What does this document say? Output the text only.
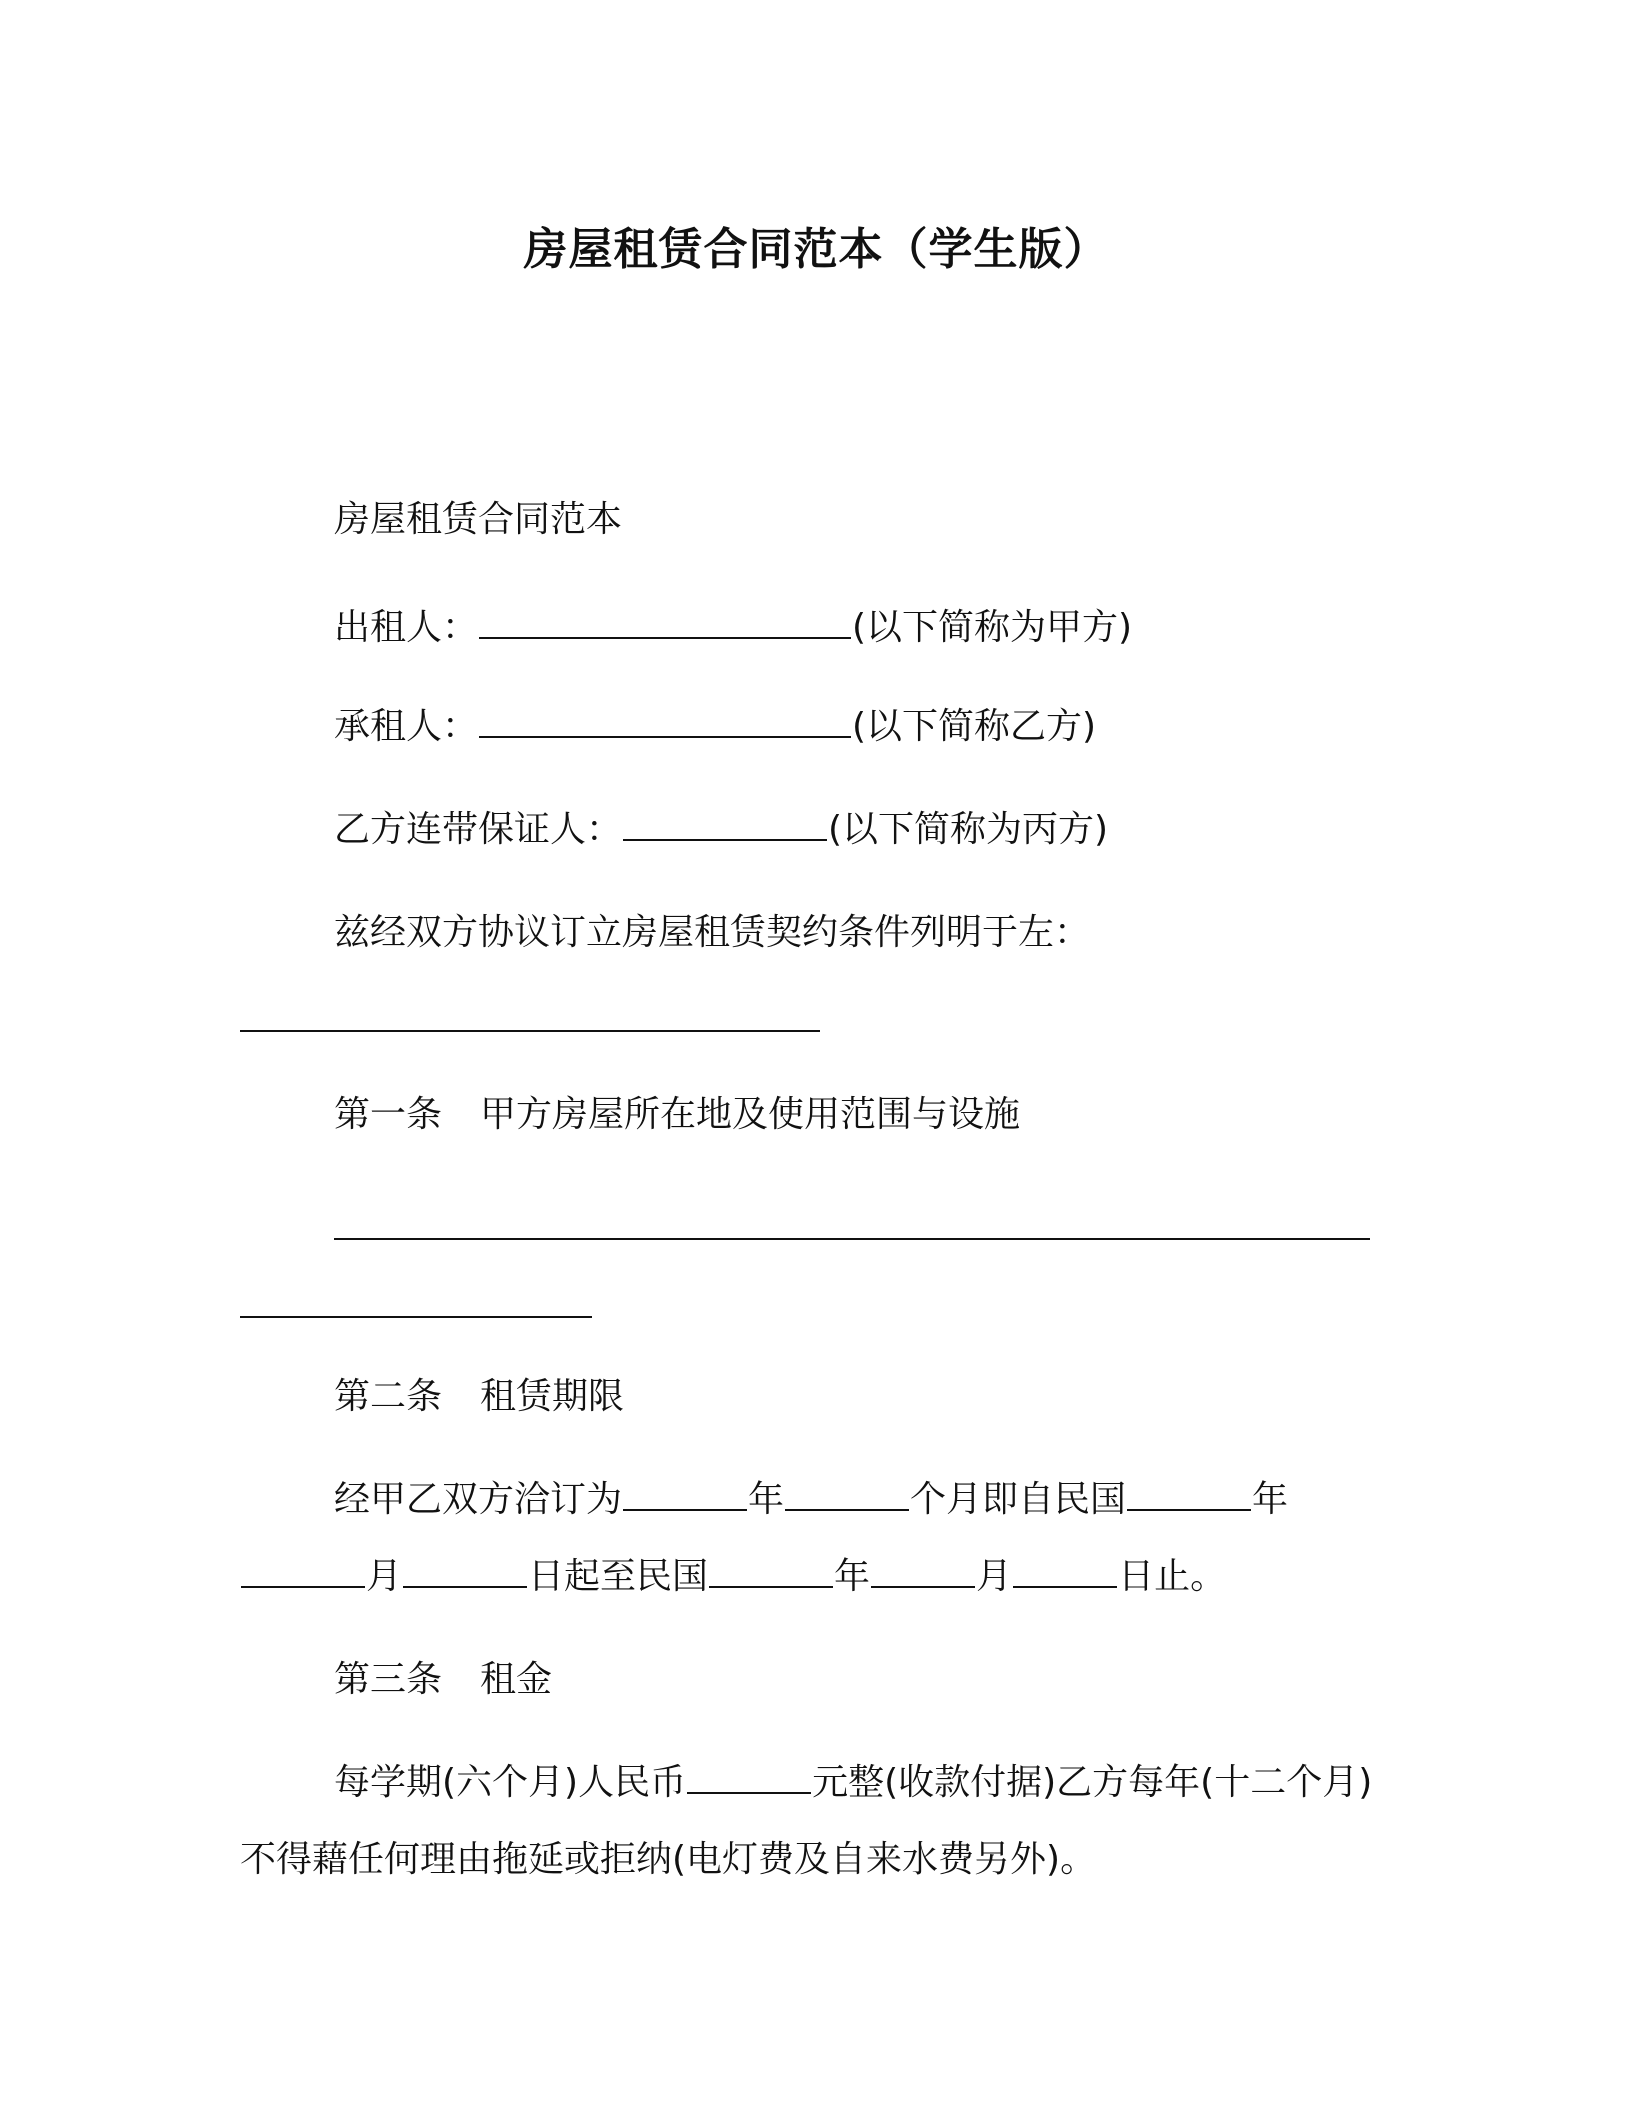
房屋租赁合同范本（学生版）
房屋租赁合同范本
出租人：	(以下简称为甲方)
承租人：	(以下简称乙方)
乙方连带保证人：	(以下简称为丙方)
兹经双方协议订立房屋租赁契约条件列明于左：
第一条 甲方房屋所在地及使用范围与设施
第二条 租赁期限
经甲乙双方洽订为	年	个月即自民国	年
月	日起至民国	年	月	日止。
第三条 租金
每学期(六个月)人民币	元整(收款付据)乙方每年(十二个月)
不得藉任何理由拖延或拒纳(电灯费及自来水费另外)。
